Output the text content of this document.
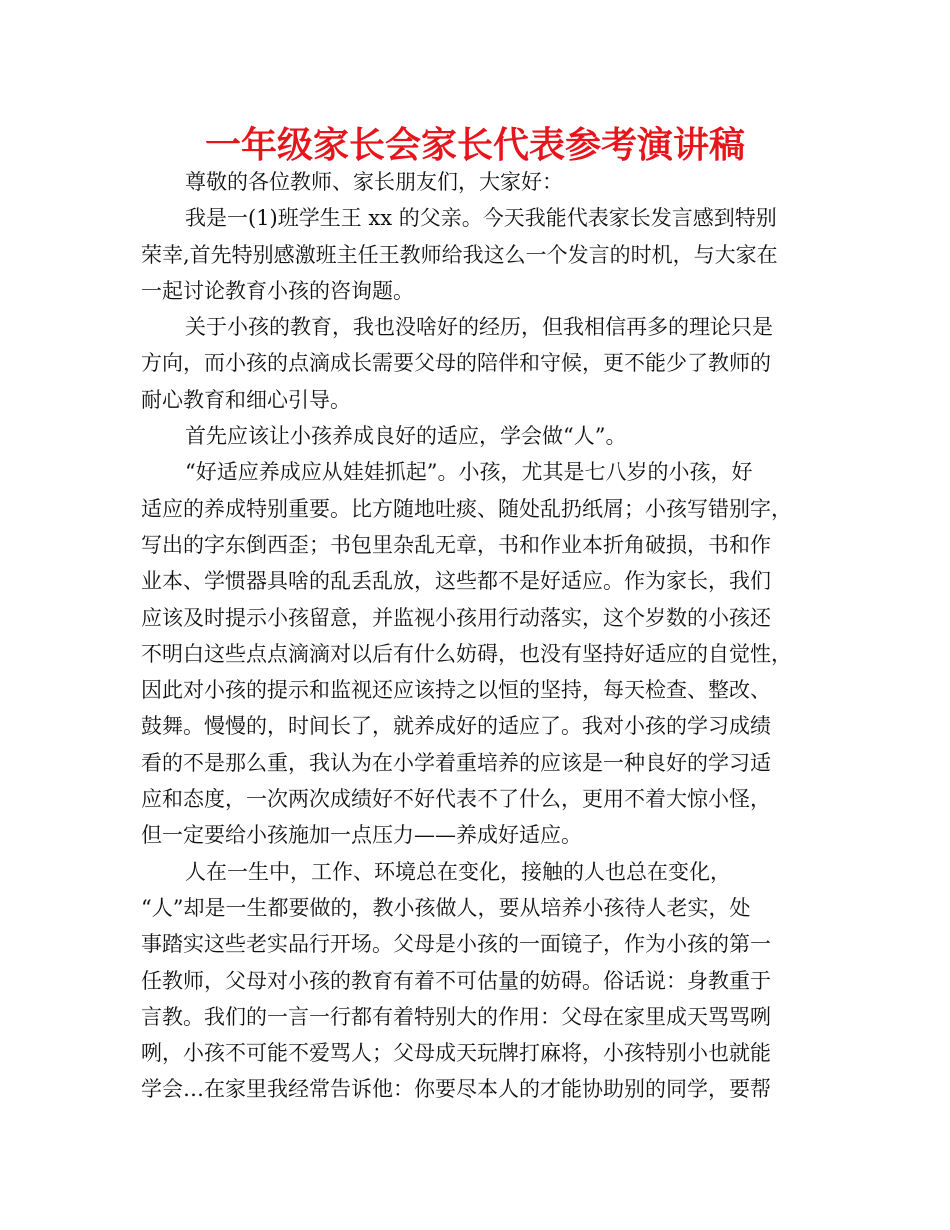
一年级家长会家长代表参考演讲稿
尊敬的各位教师、家长朋友们，大家好：
我是一(1)班学生王 xx 的父亲。今天我能代表家长发言感到特别
荣幸,首先特别感激班主任王教师给我这么一个发言的时机，与大家在
一起讨论教育小孩的咨询题。
关于小孩的教育，我也没啥好的经历，但我相信再多的理论只是
方向，而小孩的点滴成长需要父母的陪伴和守候，更不能少了教师的
耐心教育和细心引导。
首先应该让小孩养成良好的适应，学会做“人”。
“好适应养成应从娃娃抓起”。小孩，尤其是七八岁的小孩，好
适应的养成特别重要。比方随地吐痰、随处乱扔纸屑；小孩写错别字，
写出的字东倒西歪；书包里杂乱无章，书和作业本折角破损，书和作
业本、学惯器具啥的乱丢乱放，这些都不是好适应。作为家长，我们
应该及时提示小孩留意，并监视小孩用行动落实，这个岁数的小孩还
不明白这些点点滴滴对以后有什么妨碍，也没有坚持好适应的自觉性，
因此对小孩的提示和监视还应该持之以恒的坚持，每天检查、整改、
鼓舞。慢慢的，时间长了，就养成好的适应了。我对小孩的学习成绩
看的不是那么重，我认为在小学着重培养的应该是一种良好的学习适
应和态度，一次两次成绩好不好代表不了什么，更用不着大惊小怪，
但一定要给小孩施加一点压力——养成好适应。
人在一生中，工作、环境总在变化，接触的人也总在变化，
“人”却是一生都要做的，教小孩做人，要从培养小孩待人老实，处
事踏实这些老实品行开场。父母是小孩的一面镜子，作为小孩的第一
任教师，父母对小孩的教育有着不可估量的妨碍。俗话说：身教重于
言教。我们的一言一行都有着特别大的作用：父母在家里成天骂骂咧
咧，小孩不可能不爱骂人；父母成天玩牌打麻将，小孩特别小也就能
学会…在家里我经常告诉他：你要尽本人的才能协助别的同学，要帮
